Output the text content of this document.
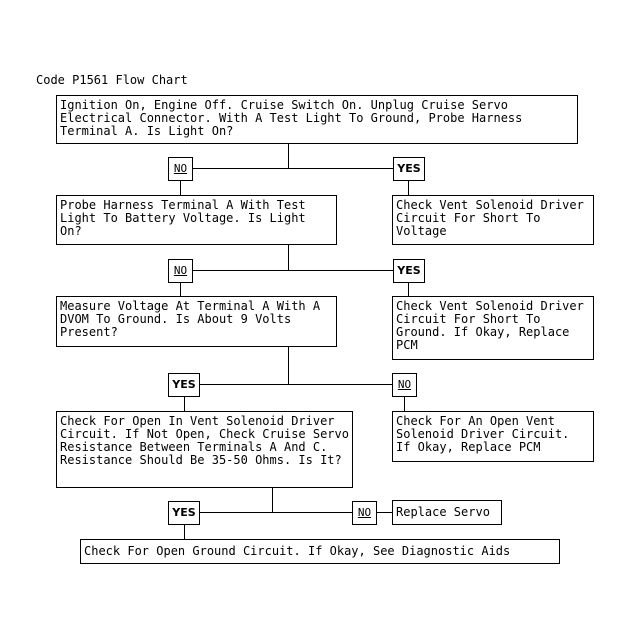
Code P1561 Flow Chart
Ignition On, Engine Off. Cruise Switch On. Unplug Cruise Servo Electrical Connector. With A Test Light To Ground, Probe Harness Terminal A. Is Light On?
Probe Harness Terminal A With Test Light To Battery Voltage. Is Light On?
Check Vent Solenoid Driver Circuit For Short To Voltage
Measure Voltage At Terminal A With A DVOM To Ground. Is About 9 Volts Present?
Check Vent Solenoid Driver Circuit For Short To Ground. If Okay, Replace PCM
Check For Open In Vent Solenoid Driver Circuit. If Not Open, Check Cruise Servo Resistance Between Terminals A And C. Resistance Should Be 35-50 Ohms. Is It?
Check For An Open Vent Solenoid Driver Circuit. If Okay, Replace PCM
Replace Servo
Check For Open Ground Circuit. If Okay, See Diagnostic Aids
NO	YES
NO	YES
YES	NO
YES	NO
